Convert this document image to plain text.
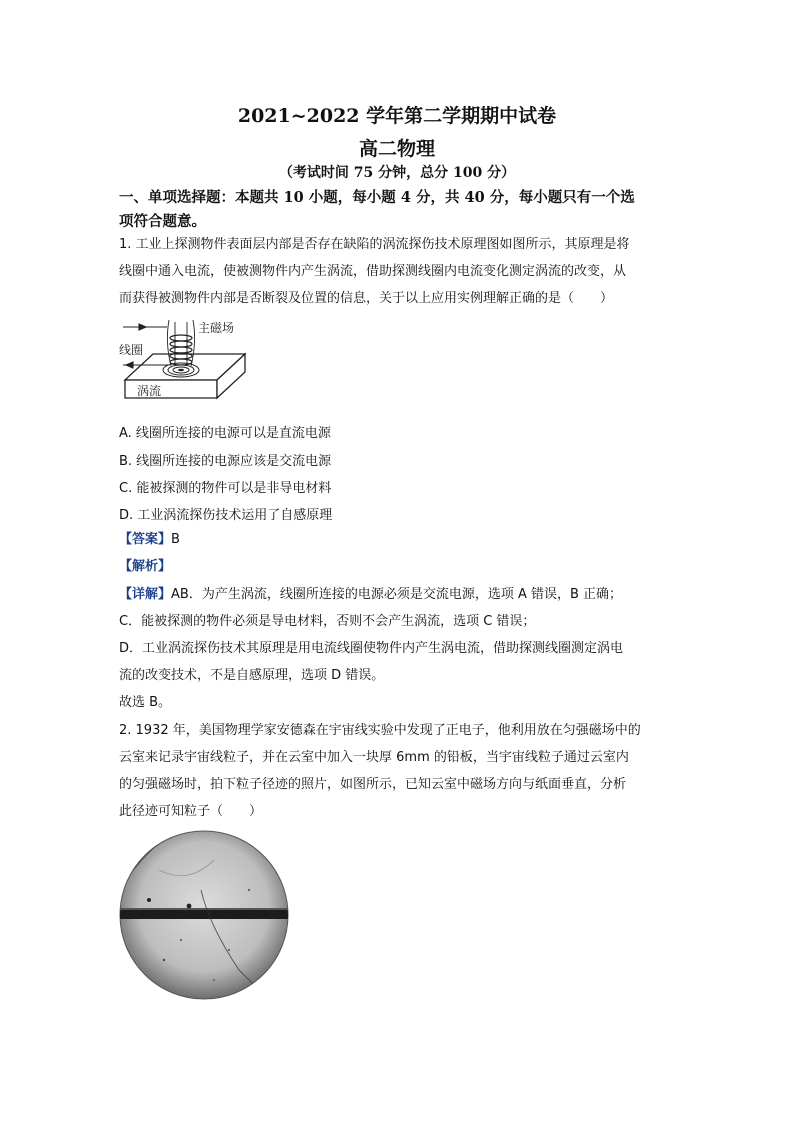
2021~2022 学年第二学期期中试卷
高二物理
（考试时间 75 分钟，总分 100 分）
一、单项选择题：本题共 10 小题，每小题 4 分，共 40 分，每小题只有一个选
项符合题意。
1. 工业上探测物件表面层内部是否存在缺陷的涡流探伤技术原理图如图所示，其原理是将
线圈中通入电流，使被测物件内产生涡流，借助探测线圈内电流变化测定涡流的改变，从
而获得被测物件内部是否断裂及位置的信息，关于以上应用实例理解正确的是（　　）
主磁场
线圈
涡流
A. 线圈所连接的电源可以是直流电源
B. 线圈所连接的电源应该是交流电源
C. 能被探测的物件可以是非导电材料
D. 工业涡流探伤技术运用了自感原理
【答案】B
【解析】
【详解】AB．为产生涡流，线圈所连接的电源必须是交流电源，选项 A 错误，B 正确；
C．能被探测的物件必须是导电材料，否则不会产生涡流，选项 C 错误；
D．工业涡流探伤技术其原理是用电流线圈使物件内产生涡电流，借助探测线圈测定涡电
流的改变技术，不是自感原理，选项 D 错误。
故选 B。
2. 1932 年，美国物理学家安德森在宇宙线实验中发现了正电子，他利用放在匀强磁场中的
云室来记录宇宙线粒子，并在云室中加入一块厚 6mm 的铅板，当宇宙线粒子通过云室内
的匀强磁场时，拍下粒子径迹的照片，如图所示，已知云室中磁场方向与纸面垂直，分析
此径迹可知粒子（　　）
